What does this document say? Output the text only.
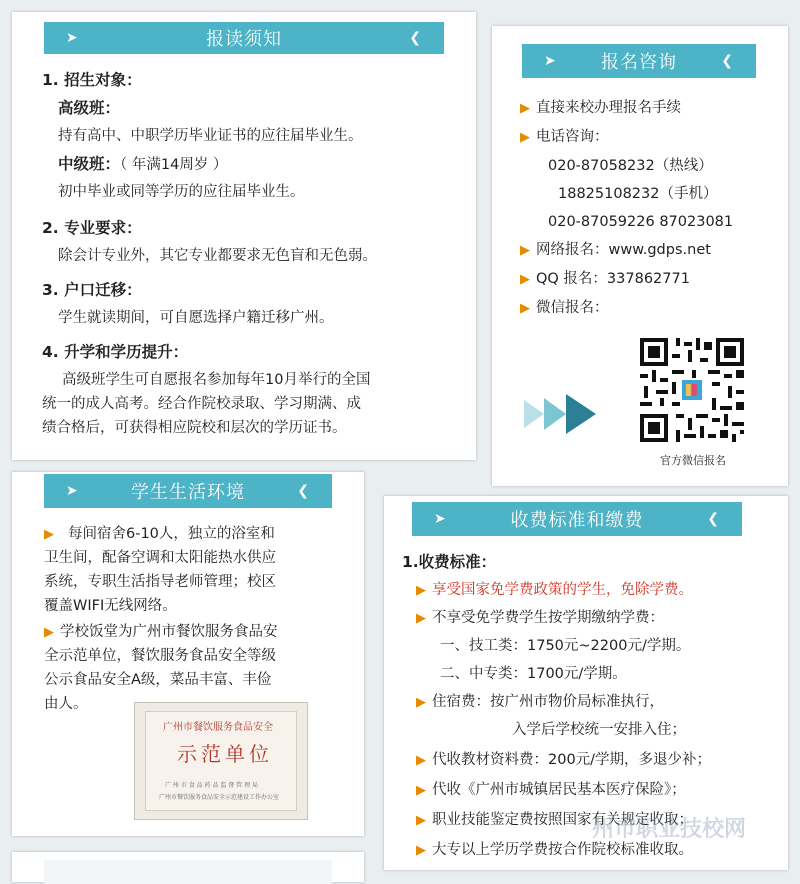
➤	报读须知	❮
1. 招生对象：
高级班：
持有高中、中职学历毕业证书的应往届毕业生。
中级班：（ 年满14周岁 ）
初中毕业或同等学历的应往届毕业生。
2. 专业要求：
除会计专业外，其它专业都要求无色盲和无色弱。
3. 户口迁移：
学生就读期间，可自愿选择户籍迁移广州。
4. 升学和学历提升：
高级班学生可自愿报名参加每年10月举行的全国
统一的成人高考。经合作院校录取、学习期满、成
绩合格后，可获得相应院校和层次的学历证书。
➤ 报名咨询	❮
▶ 直接来校办理报名手续
▶ 电话咨询：
020-87058232（热线）
18825108232（手机）
020-87059226 87023081
▶ 网络报名：www.gdps.net
▶ QQ 报名：337862771
▶ 微信报名：
官方微信报名
➤	学生生活环境	❮
▶ 每间宿舍6-10人，独立的浴室和
卫生间，配备空调和太阳能热水供应
系统，专职生活指导老师管理；校区
覆盖WIFI无线网络。
▶ 学校饭堂为广州市餐饮服务食品安
全示范单位，餐饮服务食品安全等级
公示食品安全A级，菜品丰富、丰俭
由人。
广州市餐饮服务食品安全
示范单位
广 州 市 食 品 药 品 监 督 管 理 局
广州市餐饮服务食品安全示范建设工作办公室
➤	收费标准和缴费	❮
1.收费标准：
▶ 享受国家免学费政策的学生，免除学费。
▶ 不享受免学费学生按学期缴纳学费：
一、技工类：1750元~2200元/学期。
二、中专类：1700元/学期。
▶ 住宿费：按广州市物价局标准执行，
入学后学校统一安排入住；
▶ 代收教材资料费：200元/学期，多退少补；
▶ 代收《广州市城镇居民基本医疗保险》；
▶ 职业技能鉴定费按照国家有关规定收取；
▶ 大专以上学历学费按合作院校标准收取。
州市职业技校网
